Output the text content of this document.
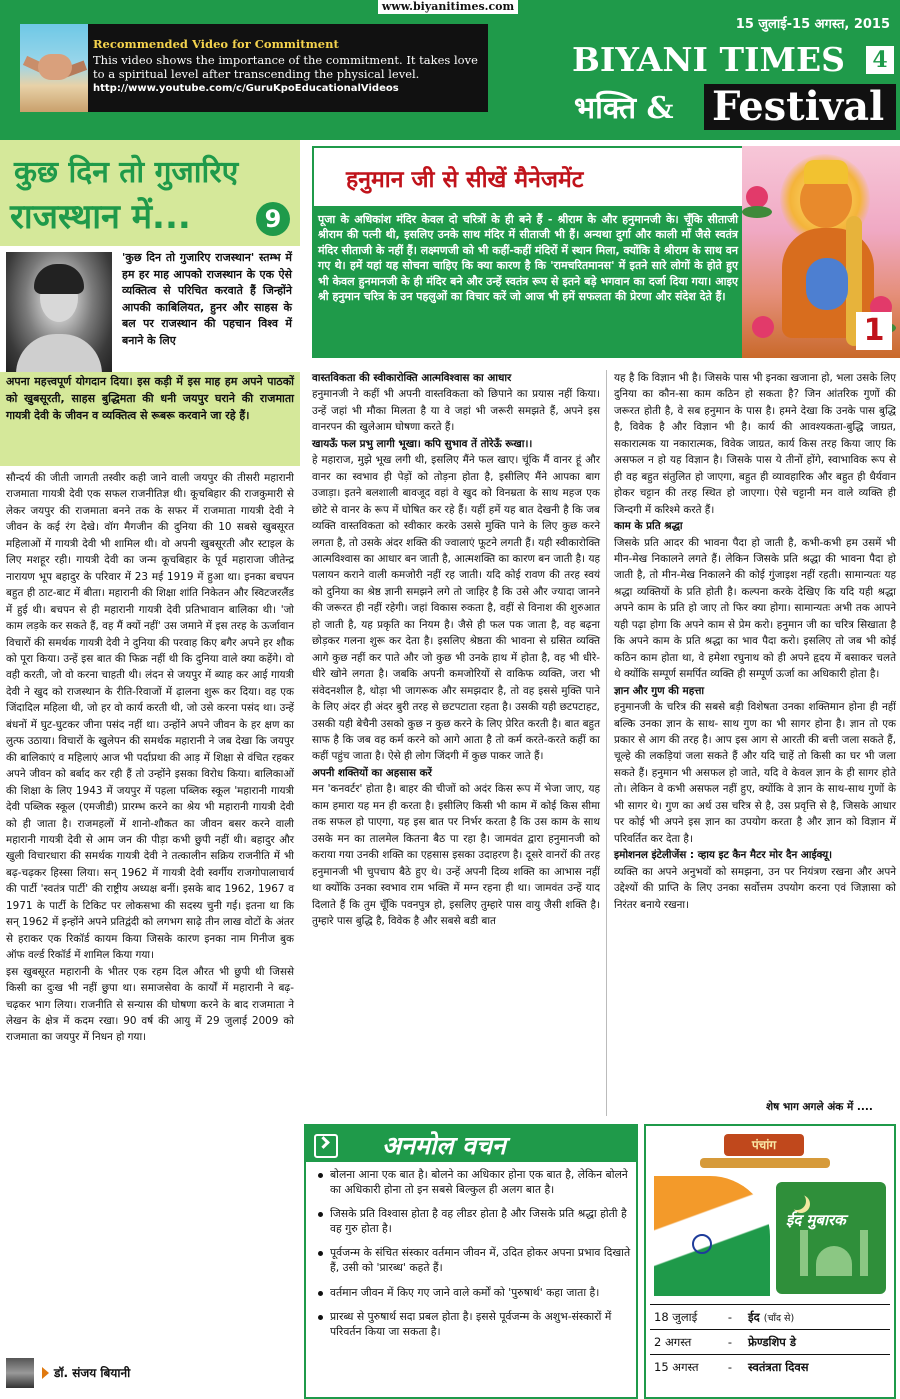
www.biyanitimes.com
Recommended Video for Commitment
This video shows the importance of the commitment. It takes love to a spiritual level after transcending the physical level.
http://www.youtube.com/c/GuruKpoEducationalVideos
15 जुलाई-15 अगस्त, 2015
BIYANI TIMES	4
भक्ति & Festival
कुछ दिन तो गुजारिए
राजस्थान में...	9
'कुछ दिन तो गुजारिए राजस्थान' स्तम्भ में हम हर माह आपको राजस्थान के एक ऐसे व्यक्तित्व से परिचित करवाते हैं जिन्होंने आपकी काबिलियत, हुनर और साहस के बल पर राजस्थान की पहचान विश्व में बनाने के लिए
अपना महत्त्वपूर्ण योगदान दिया। इस कड़ी में इस माह हम अपने पाठकों को खुबसूरती, साहस बुद्धिमता की धनी जयपुर घराने की राजमाता गायत्री देवी के जीवन व व्यक्तित्व से रूबरू करवाने जा रहे हैं।

सौन्दर्य की जीती जागती तस्वीर कही जाने वाली जयपुर की तीसरी महारानी राजमाता गायत्री देवी एक सफल राजनीतिज्ञ थी। कूचबिहार की राजकुमारी से लेकर जयपुर की राजमाता बनने तक के सफर में राजमाता गायत्री देवी ने जीवन के कई रंग देखे। वॉग मैगजीन की दुनिया की 10 सबसे खुबसूरत महिलाओं में गायत्री देवी भी शामिल थी। वो अपनी खुबसूरती और स्टाइल के लिए मशहूर रही। गायत्री देवी का जन्म कूचबिहार के पूर्व महाराजा जीतेन्द्र नारायण भूप बहादुर के परिवार में 23 मई 1919 में हुआ था। इनका बचपन बहुत ही ठाट-बाट में बीता। महारानी की शिक्षा शांति निकेतन और स्विटजरलैंड में हुई थी। बचपन से ही महारानी गायत्री देवी प्रतिभावान बालिका थी। 'जो काम लड़के कर सकते हैं, वह मैं क्यों नहीं' उस जमाने में इस तरह के ऊर्जावान विचारों की समर्थक गायत्री देवी ने दुनिया की परवाह किए बगैर अपने हर शौक को पूरा किया। उन्हें इस बात की फिक्र नहीं थी कि दुनिया वाले क्या कहेंगे। वो वही करती, जो वो करना चाहती थी। लंदन से जयपुर में ब्याह कर आई गायत्री देवी ने खुद को राजस्थान के रीति-रिवाजों में ढ़ालना शुरू कर दिया। वह एक जिंदादिल महिला थी, जो हर वो कार्य करती थी, जो उसे करना पसंद था। उन्हें बंधनों में घुट-घुटकर जीना पसंद नहीं था। उन्होंने अपने जीवन के हर क्षण का लुत्फ उठाया। विचारों के खुलेपन की समर्थक महारानी ने जब देखा कि जयपुर की बालिकाएं व महिलाएं आज भी पर्दाप्रथा की आड़ में शिक्षा से वंचित रहकर अपने जीवन को बर्बाद कर रही हैं तो उन्होंने इसका विरोध किया। बालिकाओं की शिक्षा के लिए 1943 में जयपुर में पहला पब्लिक स्कूल 'महारानी गायत्री देवी पब्लिक स्कूल (एमजीडी) प्रारम्भ करने का श्रेय भी महारानी गायत्री देवी को ही जाता है। राजमहलों में शानो-शौकत का जीवन बसर करने वाली महारानी गायत्री देवी से आम जन की पीड़ा कभी छुपी नहीं थी। बहादुर और खुली विचारधारा की समर्थक गायत्री देवी ने तत्कालीन सक्रिय राजनीति में भी बढ़-चढ़कर हिस्सा लिया। सन् 1962 में गायत्री देवी स्वर्गीय राजगोपालाचार्य की पार्टी 'स्वतंत्र पार्टी' की राष्ट्रीय अध्यक्ष बनीं। इसके बाद 1962, 1967 व 1971 के पार्टी के टिकिट पर लोकसभा की सदस्य चुनी गई। इतना था कि सन् 1962 में इन्होंने अपने प्रतिद्वंदी को लगभग साढ़े तीन लाख वोटों के अंतर से हराकर एक रिकॉर्ड कायम किया जिसके कारण इनका नाम गिनीज बुक ऑफ वर्ल्ड रिकॉर्ड में शामिल किया गया।

इस खुबसूरत महारानी के भीतर एक रहम दिल औरत भी छुपी थी जिससे किसी का दुःख भी नहीं छुपा था। समाजसेवा के कार्यों में महारानी ने बढ़-चढ़कर भाग लिया। राजनीति से सन्यास की घोषणा करने के बाद राजमाता ने लेखन के क्षेत्र में कदम रखा। 90 वर्ष की आयु में 29 जुलाई 2009 को राजमाता का जयपुर में निधन हो गया।

डॉ. संजय बियानी
हनुमान जी से सीखें मैनेजमेंट
1
पूजा के अधिकांश मंदिर केवल दो चरित्रों के ही बने हैं - श्रीराम के और हनुमानजी के। चूँकि सीताजी श्रीराम की पत्नी थी, इसलिए उनके साथ मंदिर में सीताजी भी हैं। अन्यथा दुर्गा और काली माँ जैसे स्वतंत्र मंदिर सीताजी के नहीं हैं। लक्ष्मणजी को भी कहीं-कहीं मंदिरों में स्थान मिला, क्योंकि वे श्रीराम के साथ वन गए थे। हमें यहां यह सोचना चाहिए कि क्या कारण है कि 'रामचरितमानस' में इतने सारे लोगों के होते हुए भी केवल हुनमानजी के ही मंदिर बने और उन्हें स्वतंत्र रूप से इतने बड़े भगवान का दर्जा दिया गया। आइए श्री हनुमान चरित्र के उन पहलुओं का विचार करें जो आज भी हमें सफलता की प्रेरणा और संदेश देते हैं।

वास्तविकता की स्वीकारोक्ति आत्मविश्वास का आधार

हनुमानजी ने कहीं भी अपनी वास्तविकता को छिपाने का प्रयास नहीं किया। उन्हें जहां भी मौका मिलता है या वे जहां भी जरूरी समझते हैं, अपने इस वानरपन की खुलेआम घोषणा करते हैं।

खायऊँ फल प्रभु लागी भूखा। कपि सुभाव तें तोरेऊँ रूखा।।

हे महाराज, मुझे भूख लगी थी, इसलिए मैंने फल खाए। चूंकि मैं वानर हूं और वानर का स्वभाव ही पेड़ों को तोड़ना होता है, इसीलिए मैंने आपका बाग उजाड़ा। इतने बलशाली बावजूद वहां वे खुद को विनम्रता के साथ महज एक छोटे से वानर के रूप में घोषित कर रहे हैं। यहीं हमें यह बात देखनी है कि जब व्यक्ति वास्तविकता को स्वीकार करके उससे मुक्ति पाने के लिए कुछ करने लगता है, तो उसके अंदर शक्ति की ज्वालाएं फूटने लगती हैं। यही स्वीकारोक्ति आत्मविश्वास का आधार बन जाती है, आत्मशक्ति का कारण बन जाती है। यह पलायन कराने वाली कमजोरी नहीं रह जाती। यदि कोई रावण की तरह स्वयं को दुनिया का श्रेष्ठ ज्ञानी समझने लगे तो जाहिर है कि उसे और ज्यादा जानने की जरूरत ही नहीं रहेगी। जहां विकास रुकता है, वहीं से विनाश की शुरुआत हो जाती है, यह प्रकृति का नियम है। जैसे ही फल पक जाता है, वह बढ़ना छोड़कर गलना शुरू कर देता है। इसलिए श्रेष्ठता की भावना से ग्रसित व्यक्ति आगे कुछ नहीं कर पाते और जो कुछ भी उनके हाथ में होता है, वह भी धीरे-धीरे खोने लगता है। जबकि अपनी कमजोरियों से वाकिफ व्यक्ति, जरा भी संवेदनशील है, थोड़ा भी जागरूक और समझदार है, तो वह इससे मुक्ति पाने के लिए अंदर ही अंदर बुरी तरह से छटपटाता रहता है। उसकी यही छटपटाहट, उसकी यही बेचैनी उसको कुछ न कुछ करने के लिए प्रेरित करती है। बात बहुत साफ है कि जब वह कर्म करने को आगे आता है तो कर्म करते-करते कहीं का कहीं पहुंच जाता है। ऐसे ही लोग जिंदगी में कुछ पाकर जाते हैं।

अपनी शक्तियों का अहसास करें

मन 'कनवर्टर' होता है। बाहर की चीजों को अदंर किस रूप में भेजा जाए, यह काम हमारा यह मन ही करता है। इसीलिए किसी भी काम में कोई किस सीमा तक सफल हो पाएगा, यह इस बात पर निर्भर करता है कि उस काम के साथ उसके मन का तालमेल कितना बैठ पा रहा है। जामवंत द्वारा हनुमानजी को कराया गया उनकी शक्ति का एहसास इसका उदाहरण है। दूसरे वानरों की तरह हनुमानजी भी चुपचाप बैठे हुए थे। उन्हें अपनी दिव्य शक्ति का आभास नहीं था क्योंकि उनका स्वभाव राम भक्ति में मग्न रहना ही था। जामवंत उन्हें याद दिलाते हैं कि तुम चूँकि पवनपुत्र हो, इसलिए तुम्हारे पास वायु जैसी शक्ति है। तुम्हारे पास बुद्धि है, विवेक है और सबसे बडी बात

यह है कि विज्ञान भी है। जिसके पास भी इनका खजाना हो, भला उसके लिए दुनिया का कौन-सा काम कठिन हो सकता है? जिन आंतरिक गुणों की जरूरत होती है, वे सब हनुमान के पास है। हमने देखा कि उनके पास बुद्धि है, विवेक है और विज्ञान भी है। कार्य की आवश्यकता-बुद्धि जाग्रत, सकारात्मक या नकारात्मक, विवेक जाग्रत, कार्य किस तरह किया जाए कि असफल न हो यह विज्ञान है। जिसके पास ये तीनों होंगे, स्वाभाविक रूप से ही वह बहुत संतुलित हो जाएगा, बहुत ही व्यावहारिक और बहुत ही धैर्यवान होकर चट्टान की तरह स्थित हो जाएगा। ऐसे चट्टानी मन वाले व्यक्ति ही जिन्दगी में करिश्मे करते हैं।

काम के प्रति श्रद्धा

जिसके प्रति आदर की भावना पैदा हो जाती है, कभी-कभी हम उसमें भी मीन-मेख निकालने लगते हैं। लेकिन जिसके प्रति श्रद्धा की भावना पैदा हो जाती है, तो मीन-मेख निकालने की कोई गुंजाइश नहीं रहती। सामान्यतः यह श्रद्धा व्यक्तियों के प्रति होती है। कल्पना करके देखिए कि यदि यही श्रद्धा अपने काम के प्रति हो जाए तो फिर क्या होगा। सामान्यतः अभी तक आपने यही पढ़ा होगा कि अपने काम से प्रेम करो। हनुमान जी का चरित्र सिखाता है कि अपने काम के प्रति श्रद्धा का भाव पैदा करो। इसलिए तो जब भी कोई कठिन काम होता था, वे हमेशा रघुनाथ को ही अपने हृदय में बसाकर चलते थे क्योंकि सम्पूर्ण समर्पित व्यक्ति ही सम्पूर्ण ऊर्जा का अधिकारी होता है।

ज्ञान और गुण की महत्ता

हनुमानजी के चरित्र की सबसे बड़ी विशेषता उनका शक्तिमान होना ही नहीं बल्कि उनका ज्ञान के साथ- साथ गुण का भी सागर होना है। ज्ञान तो एक प्रकार से आग की तरह है। आप इस आग से आरती की बत्ती जला सकते हैं, चूल्हे की लकड़ियां जला सकते हैं और यदि चाहें तो किसी का घर भी जला सकते हैं। हनुमान भी असफल हो जाते, यदि वे केवल ज्ञान के ही सागर होते तो। लेकिन वे कभी असफल नहीं हुए, क्योंकि वे ज्ञान के साथ-साथ गुणों के भी सागर थे। गुण का अर्थ उस चरित्र से है, उस प्रवृत्ति से है, जिसके आधार पर कोई भी अपने इस ज्ञान का उपयोग करता है और ज्ञान को विज्ञान में परिवर्तित कर देता है।

इमोशनल इंटेलीजेंस : व्हाय इट कैन मैटर मोर दैन आईक्यू।

व्यक्ति का अपने अनुभवों को समझना, उन पर नियंत्रण रखना और अपने उद्देश्यों की प्राप्ति के लिए उनका सर्वोत्तम उपयोग करना एवं जिज्ञासा को निरंतर बनाये रखना।

शेष भाग अगले अंक में ....
अनमोल वचन
बोलना आना एक बात है। बोलने का अधिकार होना एक बात है, लेकिन बोलने का अधिकारी होना तो इन सबसे बिल्कुल ही अलग बात है।
जिसके प्रति विश्वास होता है वह लीडर होता है और जिसके प्रति श्रद्धा होती है वह गुरु होता है।
पूर्वजन्म के संचित संस्कार वर्तमान जीवन में, उदित होकर अपना प्रभाव दिखाते हैं, उसी को 'प्रारब्ध' कहते हैं।
वर्तमान जीवन में किए गए जाने वाले कर्मों को 'पुरुषार्थ' कहा जाता है।
प्रारब्ध से पुरुषार्थ सदा प्रबल होता है। इससे पूर्वजन्म के अशुभ-संस्कारों में परिवर्तन किया जा सकता है।
पंचांग
ईद मुबारक
18 जुलाई	-	ईद (चाँद से)
2 अगस्त	-	फ्रेण्डशिप डे
15 अगस्त	-	स्वतंत्रता दिवस
